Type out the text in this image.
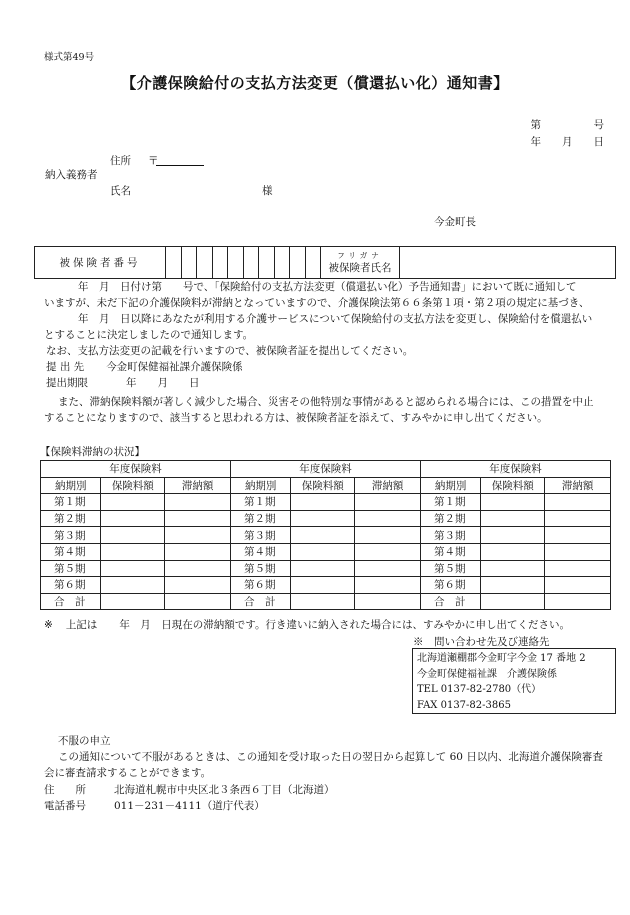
様式第49号
【介護保険給付の支払方法変更（償還払い化）通知書】
第　　　　　号
年　　月　　日
住所 〒
納入義務者
氏名	様
今金町長
被保険者番号											
フリガナ
被保険者氏名	
年　月　日付け第　　号で、「保険給付の支払方法変更（償還払い化）予告通知書」において既に通知して
いますが、未だ下記の介護保険料が滞納となっていますので、介護保険法第６６条第１項・第２項の規定に基づき、
年　月　日以降にあなたが利用する介護サービスについて保険給付の支払方法を変更し、保険給付を償還払い
とすることに決定しましたので通知します。
なお、支払方法変更の記載を行いますので、被保険者証を提出してください。
提 出 先 今金町保健福祉課介護保険係
提出期限	年　　月　　日
また、滞納保険料額が著しく減少した場合、災害その他特別な事情があると認められる場合には、この措置を中止
することになりますので、該当すると思われる方は、被保険者証を添えて、すみやかに申し出てください。
【保険料滞納の状況】
年度保険料			年度保険料			年度保険料		
納期別	保険料額	滞納額	納期別	保険料額	滞納額	納期別	保険料額	滞納額
第１期			第１期			第１期		
第２期			第２期			第２期		
第３期			第３期			第３期		
第４期			第４期			第４期		
第５期			第５期			第５期		
第６期			第６期			第６期		
合　計			合　計			合　計		
※ 上記は 年　月　日現在の滞納額です。行き違いに納入された場合には、すみやかに申し出てください。
※　問い合わせ先及び連絡先
北海道瀬棚郡今金町字今金 17 番地 2
今金町保健福祉課　介護保険係
TEL 0137-82-2780（代）
FAX 0137-82-3865
不服の申立
この通知について不服があるときは、この通知を受け取った日の翌日から起算して 60 日以内、北海道介護保険審査
会に審査請求することができます。
住　　所	北海道札幌市中央区北３条西６丁目（北海道）
電話番号	011－231－4111（道庁代表）
